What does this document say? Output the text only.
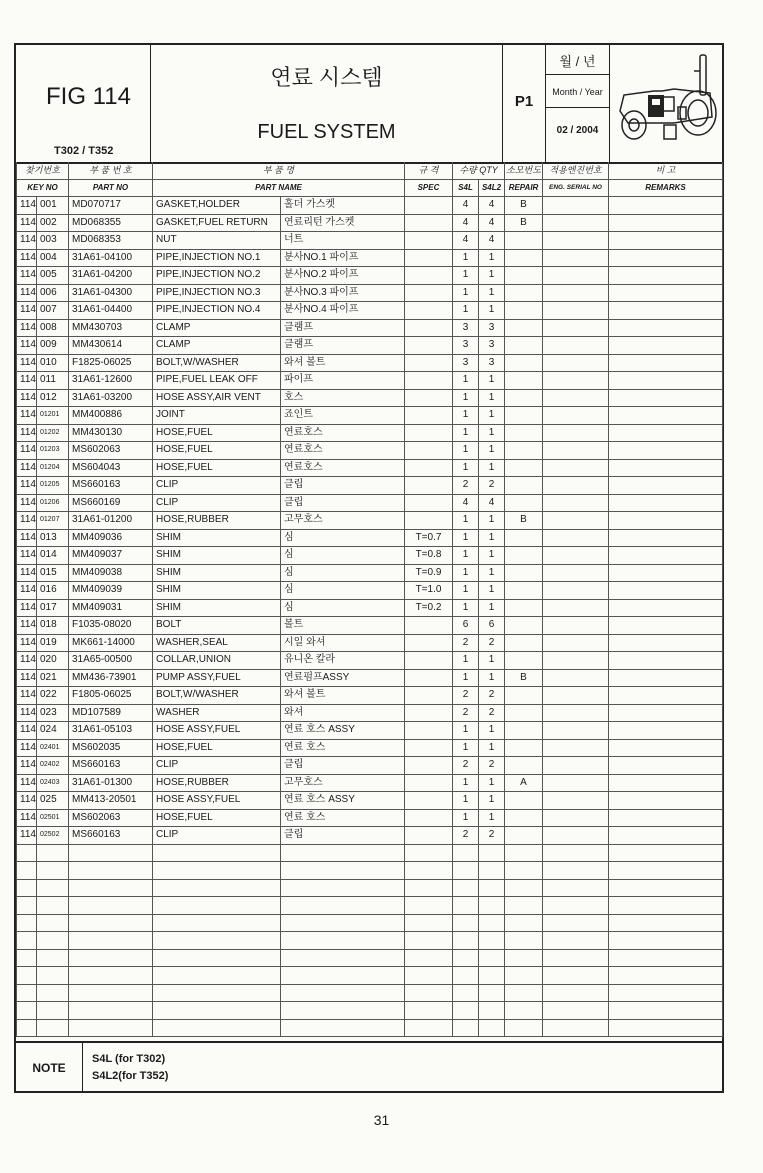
FIG 114
T302 / T352
연료 시스템
FUEL SYSTEM
P1
월 / 년
Month / Year
02 / 2004
찾기번호		부 품 번 호	부 품 명		규 격	수량 QTY		소모번도	적용엔진번호	비 고
KEY NO		PART NO	PART NAME		SPEC	S4L	S4L2	REPAIR	ENG. SERIAL NO	REMARKS
114	001	MD070717	GASKET,HOLDER	홀더 가스켓		4	4	B		
114	002	MD068355	GASKET,FUEL RETURN	연료리턴 가스켓		4	4	B		
114	003	MD068353	NUT	너트		4	4			
114	004	31A61-04100	PIPE,INJECTION NO.1	분사NO.1 파이프		1	1			
114	005	31A61-04200	PIPE,INJECTION NO.2	분사NO.2 파이프		1	1			
114	006	31A61-04300	PIPE,INJECTION NO.3	분사NO.3 파이프		1	1			
114	007	31A61-04400	PIPE,INJECTION NO.4	분사NO.4 파이프		1	1			
114	008	MM430703	CLAMP	클램프		3	3			
114	009	MM430614	CLAMP	클램프		3	3			
114	010	F1825-06025	BOLT,W/WASHER	와셔 볼트		3	3			
114	011	31A61-12600	PIPE,FUEL LEAK OFF	파이프		1	1			
114	012	31A61-03200	HOSE ASSY,AIR VENT	호스		1	1			
114	01201	MM400886	JOINT	죠인트		1	1			
114	01202	MM430130	HOSE,FUEL	연료호스		1	1			
114	01203	MS602063	HOSE,FUEL	연료호스		1	1			
114	01204	MS604043	HOSE,FUEL	연료호스		1	1			
114	01205	MS660163	CLIP	클립		2	2			
114	01206	MS660169	CLIP	클립		4	4			
114	01207	31A61-01200	HOSE,RUBBER	고무호스		1	1	B		
114	013	MM409036	SHIM	심	T=0.7	1	1			
114	014	MM409037	SHIM	심	T=0.8	1	1			
114	015	MM409038	SHIM	심	T=0.9	1	1			
114	016	MM409039	SHIM	심	T=1.0	1	1			
114	017	MM409031	SHIM	심	T=0.2	1	1			
114	018	F1035-08020	BOLT	볼트		6	6			
114	019	MK661-14000	WASHER,SEAL	시일 와셔		2	2			
114	020	31A65-00500	COLLAR,UNION	유니온 칼라		1	1			
114	021	MM436-73901	PUMP ASSY,FUEL	연료펌프ASSY		1	1	B		
114	022	F1805-06025	BOLT,W/WASHER	와셔 볼트		2	2			
114	023	MD107589	WASHER	와셔		2	2			
114	024	31A61-05103	HOSE ASSY,FUEL	연료 호스 ASSY		1	1			
114	02401	MS602035	HOSE,FUEL	연료 호스		1	1			
114	02402	MS660163	CLIP	클립		2	2			
114	02403	31A61-01300	HOSE,RUBBER	고무호스		1	1	A		
114	025	MM413-20501	HOSE ASSY,FUEL	연료 호스 ASSY		1	1			
114	02501	MS602063	HOSE,FUEL	연료 호스		1	1			
114	02502	MS660163	CLIP	클립		2	2			

NOTE
S4L (for T302)
S4L2(for T352)
31
